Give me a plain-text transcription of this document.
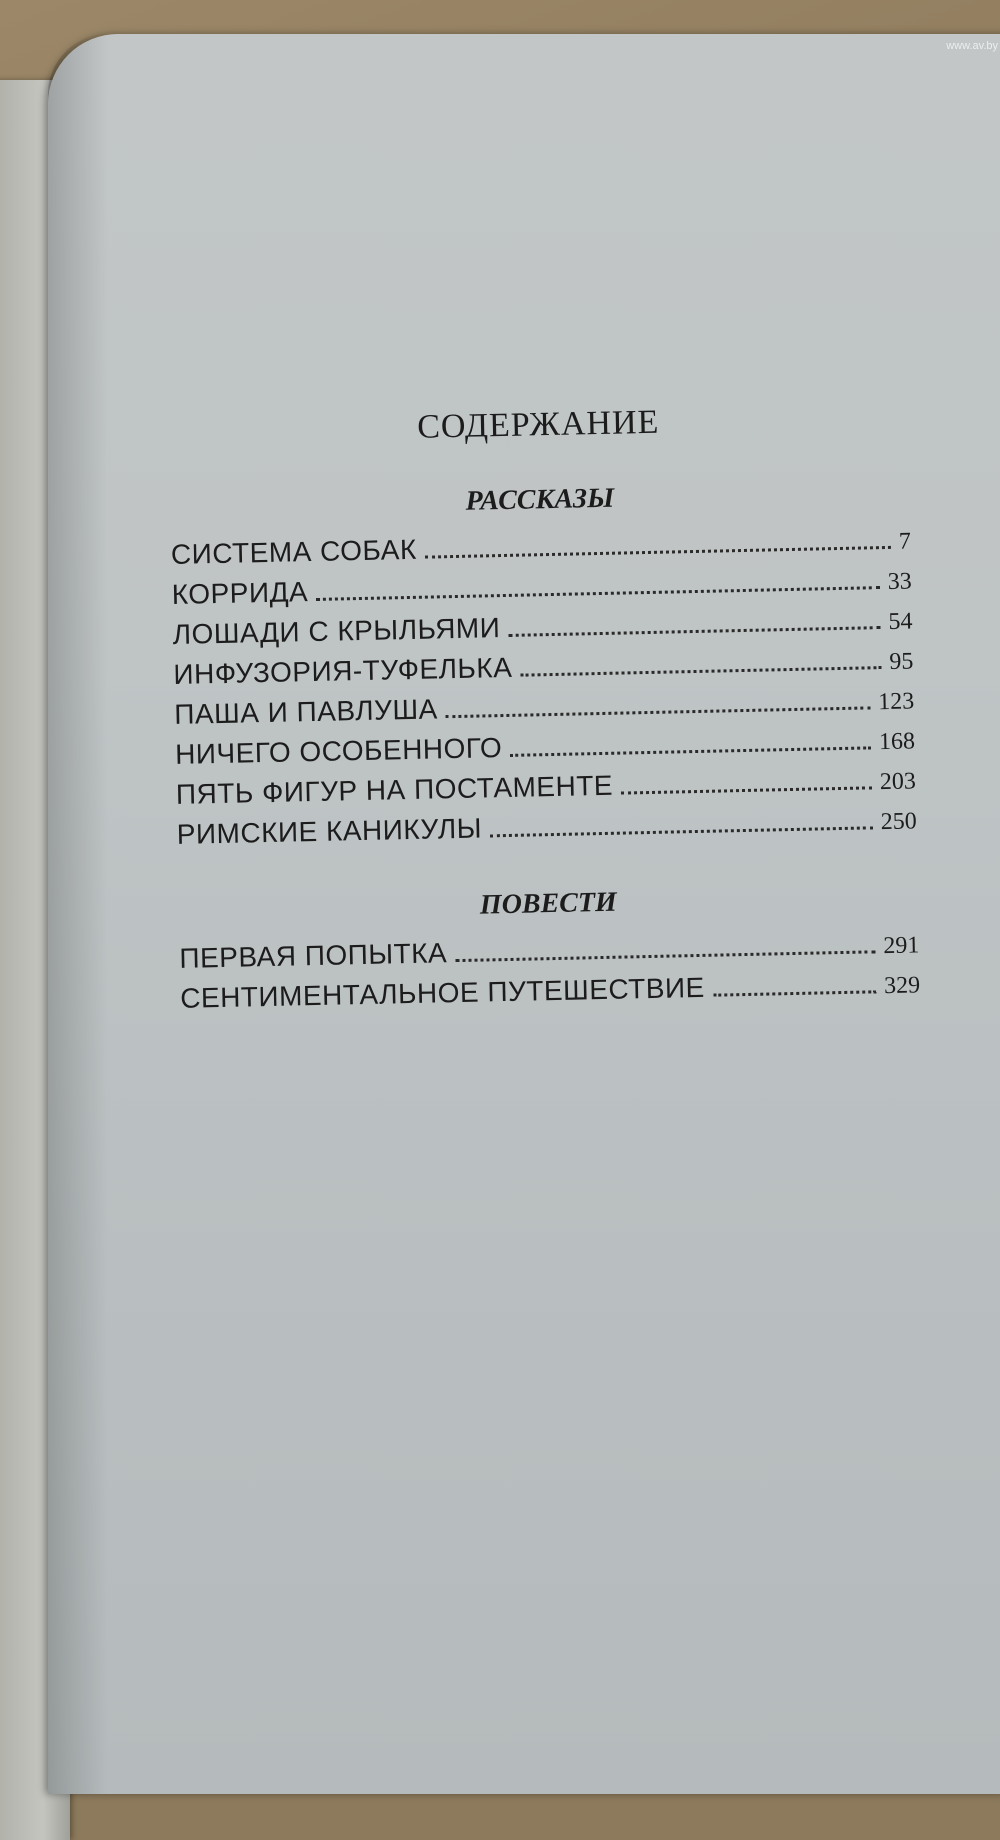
СОДЕРЖАНИЕ
РАССКАЗЫ
СИСТЕМА СОБАК	7
КОРРИДА	33
ЛОШАДИ С КРЫЛЬЯМИ	54
ИНФУЗОРИЯ-ТУФЕЛЬКА	95
ПАША И ПАВЛУША	123
НИЧЕГО ОСОБЕННОГО	168
ПЯТЬ ФИГУР НА ПОСТАМЕНТЕ	203
РИМСКИЕ КАНИКУЛЫ	250
ПОВЕСТИ
ПЕРВАЯ ПОПЫТКА	291
СЕНТИМЕНТАЛЬНОЕ ПУТЕШЕСТВИЕ	329
www.av.by
